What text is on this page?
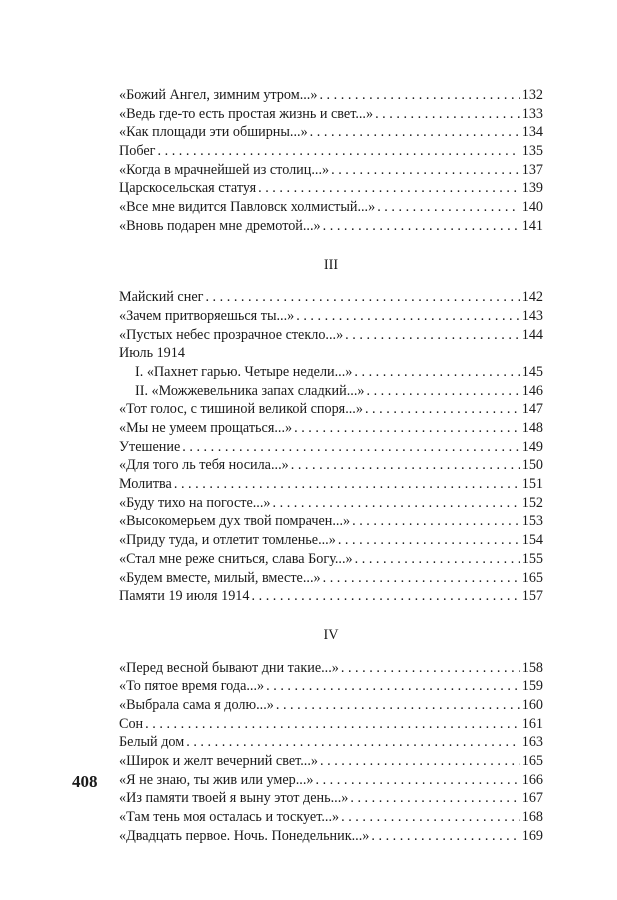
«Божий Ангел, зимним утром...» . . .	132
«Ведь где-то есть простая жизнь и свет...» . . .	133
«Как площади эти обширны...» . . .	134
Побег . . .	135
«Когда в мрачнейшей из столиц...» . . .	137
Царскосельская статуя . . .	139
«Все мне видится Павловск холмистый...» . . .	140
«Вновь подарен мне дремотой...» . . .	141
III
Майский снег . . .	142
«Зачем притворяешься ты...» . . .	143
«Пустых небес прозрачное стекло...» . . .	144
Июль 1914
I. «Пахнет гарью. Четыре недели...» . . .	145
II. «Можжевельника запах сладкий...» . . .	146
«Тот голос, с тишиной великой споря...» . . .	147
«Мы не умеем прощаться...» . . .	148
Утешение . . .	149
«Для того ль тебя носила...» . . .	150
Молитва . . .	151
«Буду тихо на погосте...» . . .	152
«Высокомерьем дух твой помрачен...» . . .	153
«Приду туда, и отлетит томленье...» . . .	154
«Стал мне реже сниться, слава Богу...» . . .	155
«Будем вместе, милый, вместе...» . . .	165
Памяти 19 июля 1914 . . .	157
IV
«Перед весной бывают дни такие...» . . .	158
«То пятое время года...» . . .	159
«Выбрала сама я долю...» . . .	160
Сон . . .	161
Белый дом . . .	163
«Широк и желт вечерний свет...» . . .	165
«Я не знаю, ты жив или умер...» . . .	166
«Из памяти твоей я выну этот день...» . . .	167
«Там тень моя осталась и тоскует...» . . .	168
«Двадцать первое. Ночь. Понедельник...» . . .	169
408
